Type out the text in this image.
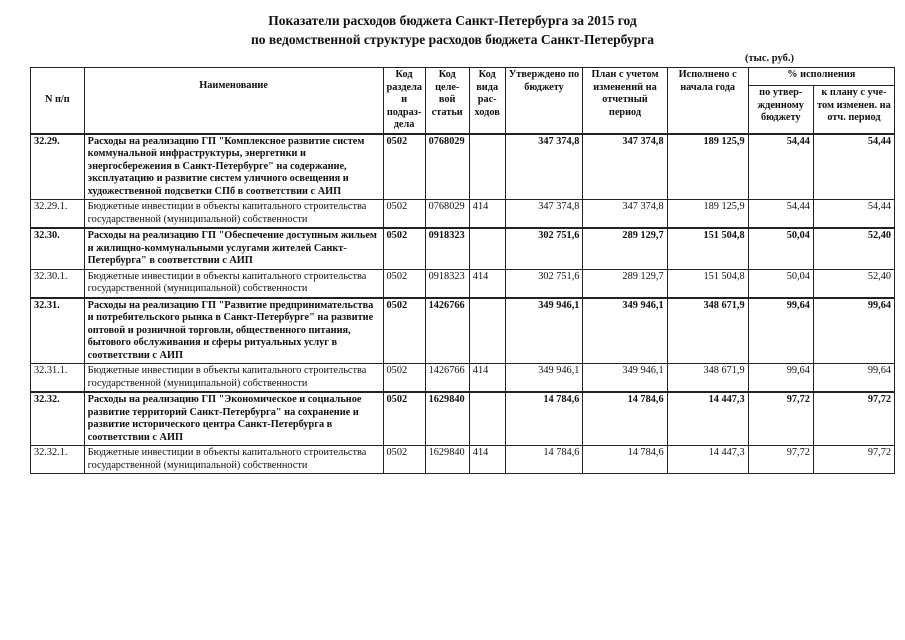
Показатели расходов бюджета Санкт-Петербурга за 2015 год
по ведомственной структуре расходов бюджета Санкт-Петербурга
(тыс. руб.)
N п/п	Наименование	Код раздела и подраз-дела	Код целе-вой статьи	Код вида рас-ходов	Утверждено по бюджету	План с учетом изменений на отчетный период	Исполнено с начала года	% исполнения	
								по утвер-жденному бюджету	к плану с уче-том изменен. на отч. период
32.29.	Расходы на реализацию ГП "Комплексное развитие систем коммунальной инфраструктуры, энергетики и энергосбережения в Санкт-Петербурге" на содержание, эксплуатацию и развитие систем уличного освещения и художественной подсветки СПб в соответствии с АИП	0502	0768029		347 374,8	347 374,8	189 125,9	54,44	54,44
32.29.1.	Бюджетные инвестиции в объекты капитального строительства государственной (муниципальной) собственности	0502	0768029	414	347 374,8	347 374,8	189 125,9	54,44	54,44
32.30.	Расходы на реализацию ГП "Обеспечение доступным жильем и жилищно-коммунальными услугами жителей Санкт-Петербурга" в соответствии с АИП	0502	0918323		302 751,6	289 129,7	151 504,8	50,04	52,40
32.30.1.	Бюджетные инвестиции в объекты капитального строительства государственной (муниципальной) собственности	0502	0918323	414	302 751,6	289 129,7	151 504,8	50,04	52,40
32.31.	Расходы на реализацию ГП "Развитие предпринимательства и потребительского рынка в Санкт-Петербурге" на развитие оптовой и розничной торговли, общественного питания, бытового обслуживания и сферы ритуальных услуг в соответствии с АИП	0502	1426766		349 946,1	349 946,1	348 671,9	99,64	99,64
32.31.1.	Бюджетные инвестиции в объекты капитального строительства государственной (муниципальной) собственности	0502	1426766	414	349 946,1	349 946,1	348 671,9	99,64	99,64
32.32.	Расходы на реализацию ГП "Экономическое и социальное развитие территорий Санкт-Петербурга" на сохранение и развитие исторического центра Санкт-Петербурга в соответствии с АИП	0502	1629840		14 784,6	14 784,6	14 447,3	97,72	97,72
32.32.1.	Бюджетные инвестиции в объекты капитального строительства государственной (муниципальной) собственности	0502	1629840	414	14 784,6	14 784,6	14 447,3	97,72	97,72
